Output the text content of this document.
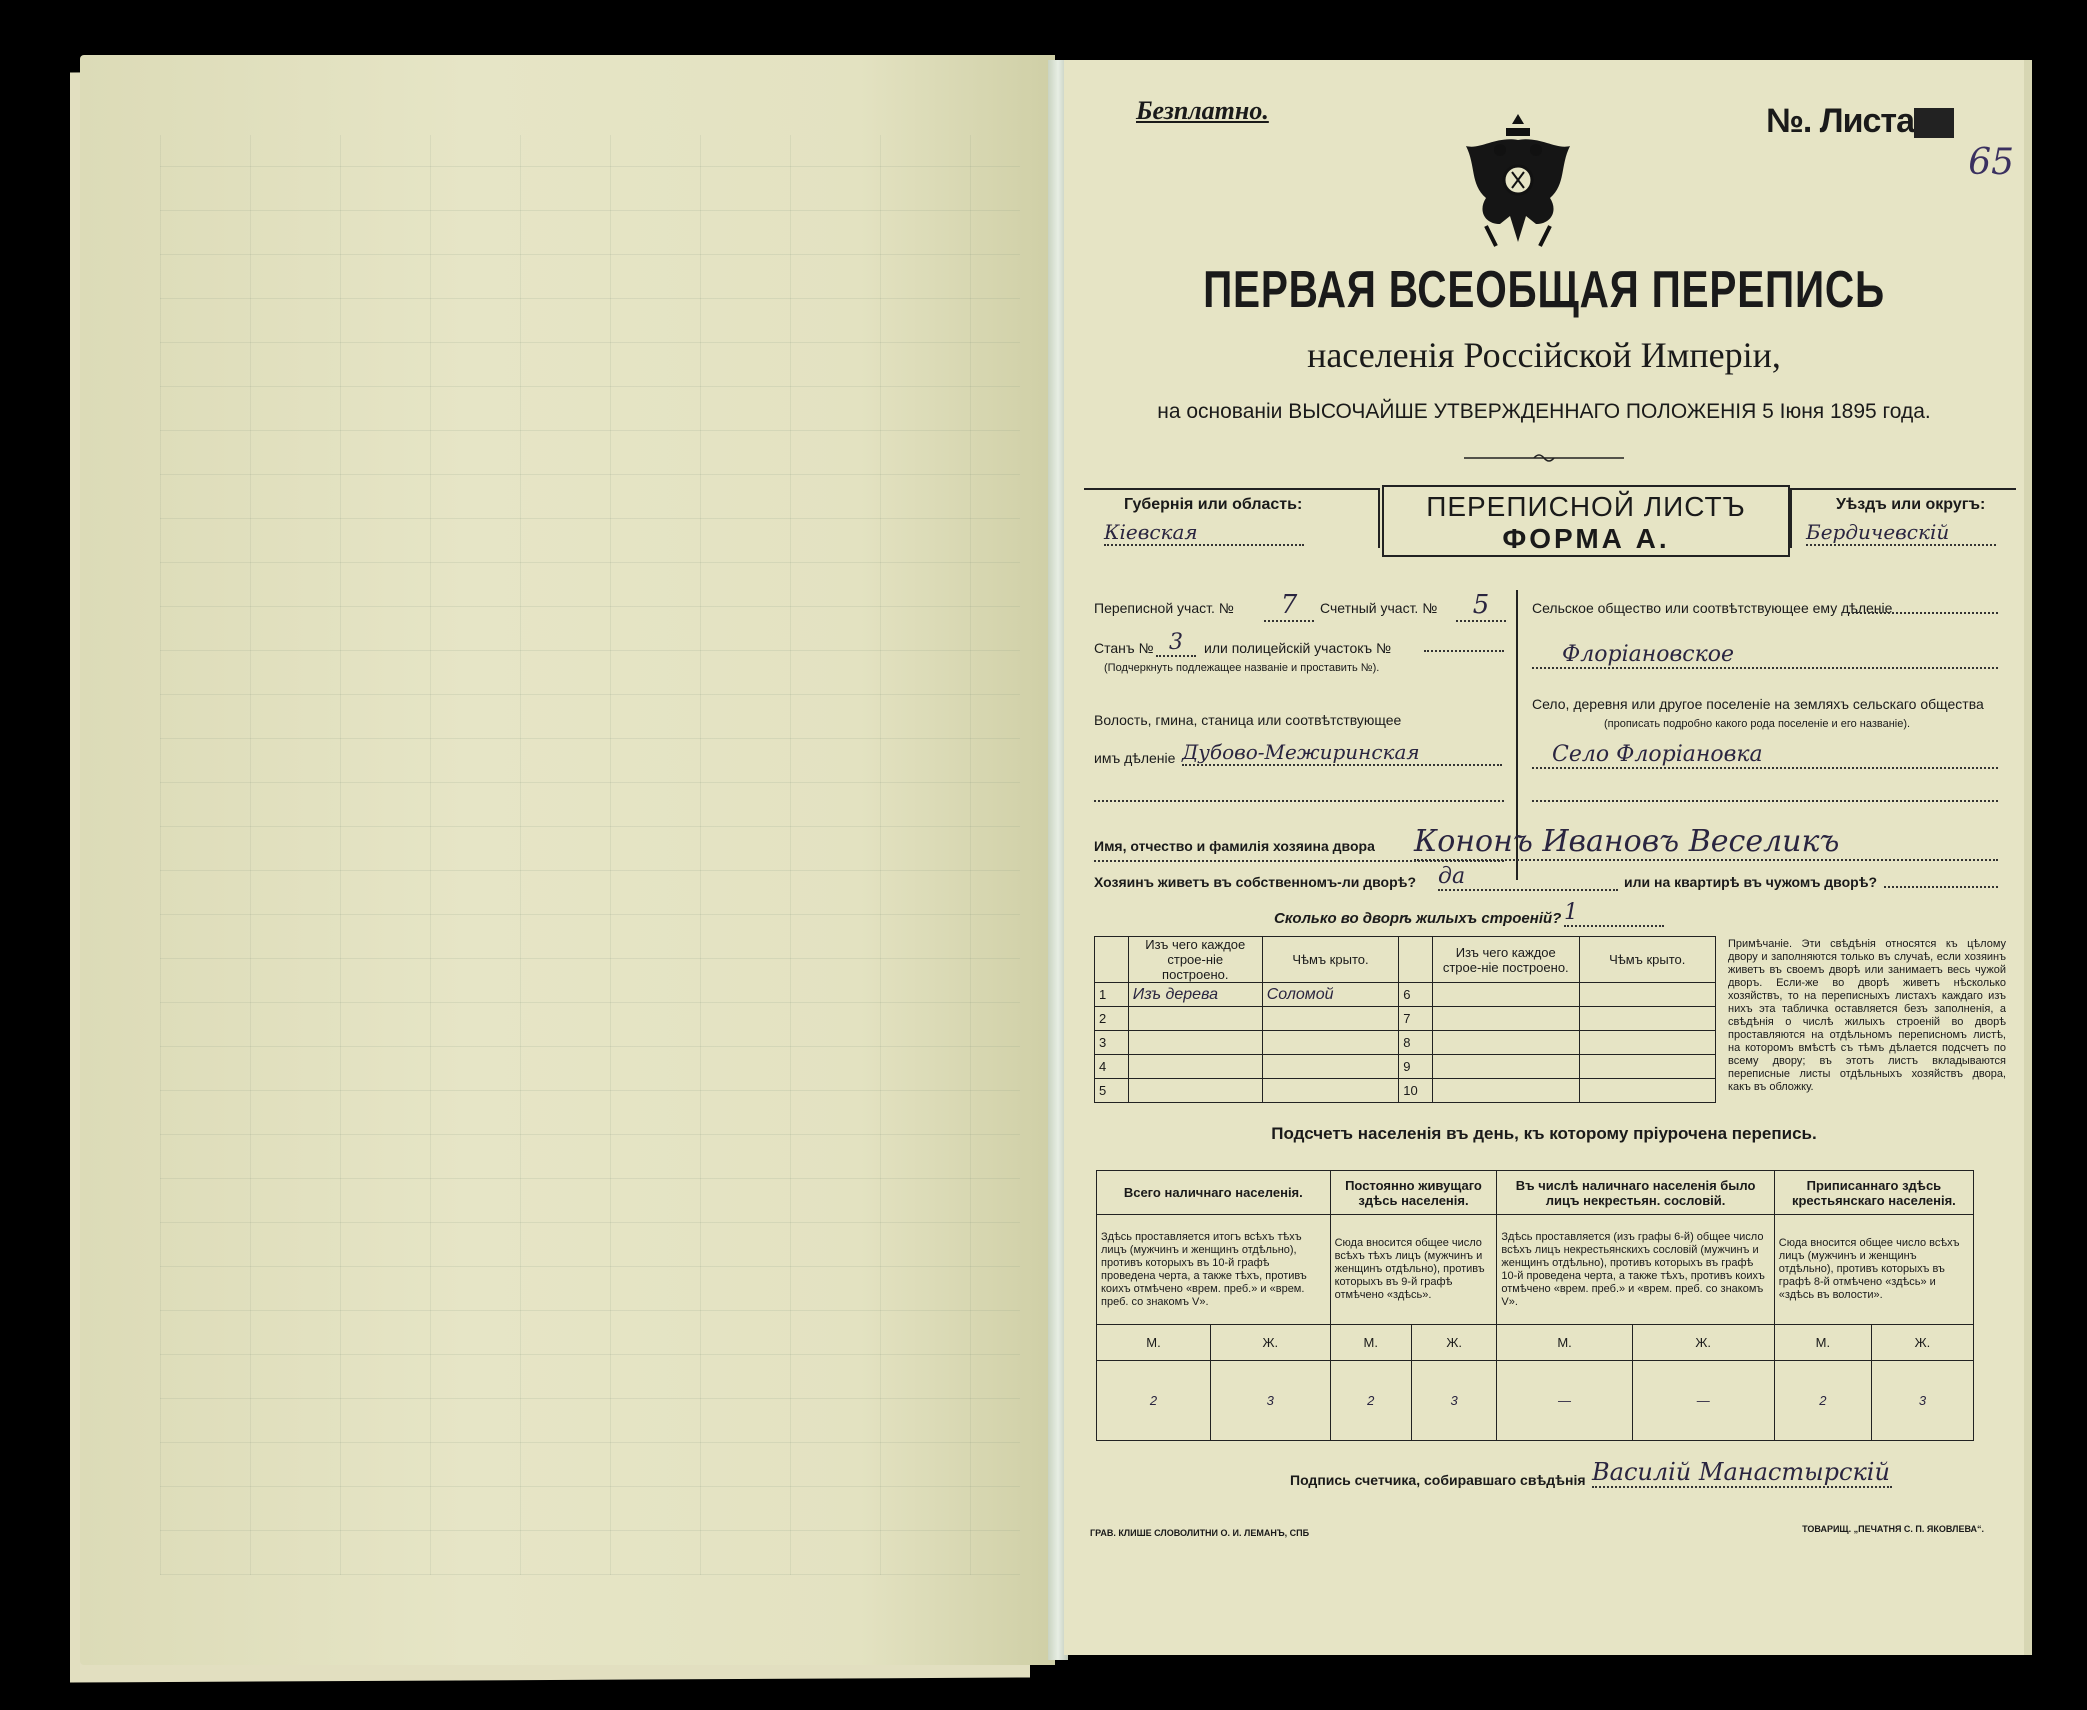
Безплатно.	№. Листа
65
ПЕРВАЯ ВСЕОБЩАЯ ПЕРЕПИСЬ
населенія Россійской Имперіи,
на основаніи ВЫСОЧАЙШЕ УТВЕРЖДЕННАГО ПОЛОЖЕНІЯ 5 Іюня 1895 года.
Губернія или область:
Кіевская
ПЕРЕПИСНОЙ ЛИСТЪ
ФОРМА А.
Уѣздъ или округъ:
Бердичевскій
Переписной участ. №	7	Счетный участ. №	5
Станъ № 3	или полицейскій участокъ №
(Подчеркнуть подлежащее названіе и проставить №).
Волость, гмина, станица или соотвѣтствующее
имъ дѣленіе Дубово-Межиринская
Сельское общество или соотвѣтствующее ему дѣленіе
Флоріановское
Село, деревня или другое поселеніе на земляхъ сельскаго общества
(прописать подробно какого рода поселеніе и его названіе).
Село Флоріановка
Имя, отчество и фамилія хозяина двора Кононъ Ивановъ Веселикъ
Хозяинъ живетъ въ собственномъ-ли дворѣ? да	или на квартирѣ въ чужомъ дворѣ?
Сколько во дворѣ жилыхъ строеній? 1
	Изъ чего каждое строе-ніе построено.	Чѣмъ крыто.		Изъ чего каждое строе-ніе построено.	Чѣмъ крыто.
1	Изъ дерева	Соломой	6		
2			7		
3			8		
4			9		
5			10		
Примѣчаніе. Эти свѣдѣнія относятся къ цѣлому двору и заполняются только въ случаѣ, если хозяинъ живетъ въ своемъ дворѣ или занимаетъ весь чужой дворъ. Если-же во дворѣ живетъ нѣсколько хозяйствъ, то на переписныхъ листахъ каждаго изъ нихъ эта табличка оставляется безъ заполненія, а свѣдѣнія о числѣ жилыхъ строеній во дворѣ проставляются на отдѣльномъ переписномъ листѣ, на которомъ вмѣстѣ съ тѣмъ дѣлается подсчетъ по всему двору; въ этотъ листъ вкладываются переписные листы отдѣльныхъ хозяйствъ двора, какъ въ обложку.
Подсчетъ населенія въ день, къ которому пріурочена перепись.
Всего наличнаго населенія.		Постоянно живущаго здѣсь населенія.		Въ числѣ наличнаго населенія было лицъ некрестьян. сословій.		Приписаннаго здѣсь крестьянскаго населенія.	
Здѣсь проставляется итогъ всѣхъ тѣхъ лицъ (мужчинъ и женщинъ отдѣльно), противъ которыхъ въ 10-й графѣ проведена черта, а также тѣхъ, противъ коихъ отмѣчено «врем. преб.» и «врем. преб. со знакомъ V».		Сюда вносится общее число всѣхъ тѣхъ лицъ (мужчинъ и женщинъ отдѣльно), противъ которыхъ въ 9-й графѣ отмѣчено «здѣсь».		Здѣсь проставляется (изъ графы 6-й) общее число всѣхъ лицъ некрестьянскихъ сословій (мужчинъ и женщинъ отдѣльно), противъ которыхъ въ графѣ 10-й проведена черта, а также тѣхъ, противъ коихъ отмѣчено «врем. преб.» и «врем. преб. со знакомъ V».		Сюда вносится общее число всѣхъ лицъ (мужчинъ и женщинъ отдѣльно), противъ которыхъ въ графѣ 8-й отмѣчено «здѣсь» и «здѣсь въ волости».	
М.	Ж.	М.	Ж.	М.	Ж.	М.	Ж.
2	3	2	3	—	—	2	3
Подпись счетчика, собиравшаго свѣдѣнія Василій Манастырскій
ГРАВ. КЛИШЕ СЛОВОЛИТНИ О. И. ЛЕМАНЪ, СПБ	ТОВАРИЩ. „ПЕЧАТНЯ С. П. ЯКОВЛЕВА“.
